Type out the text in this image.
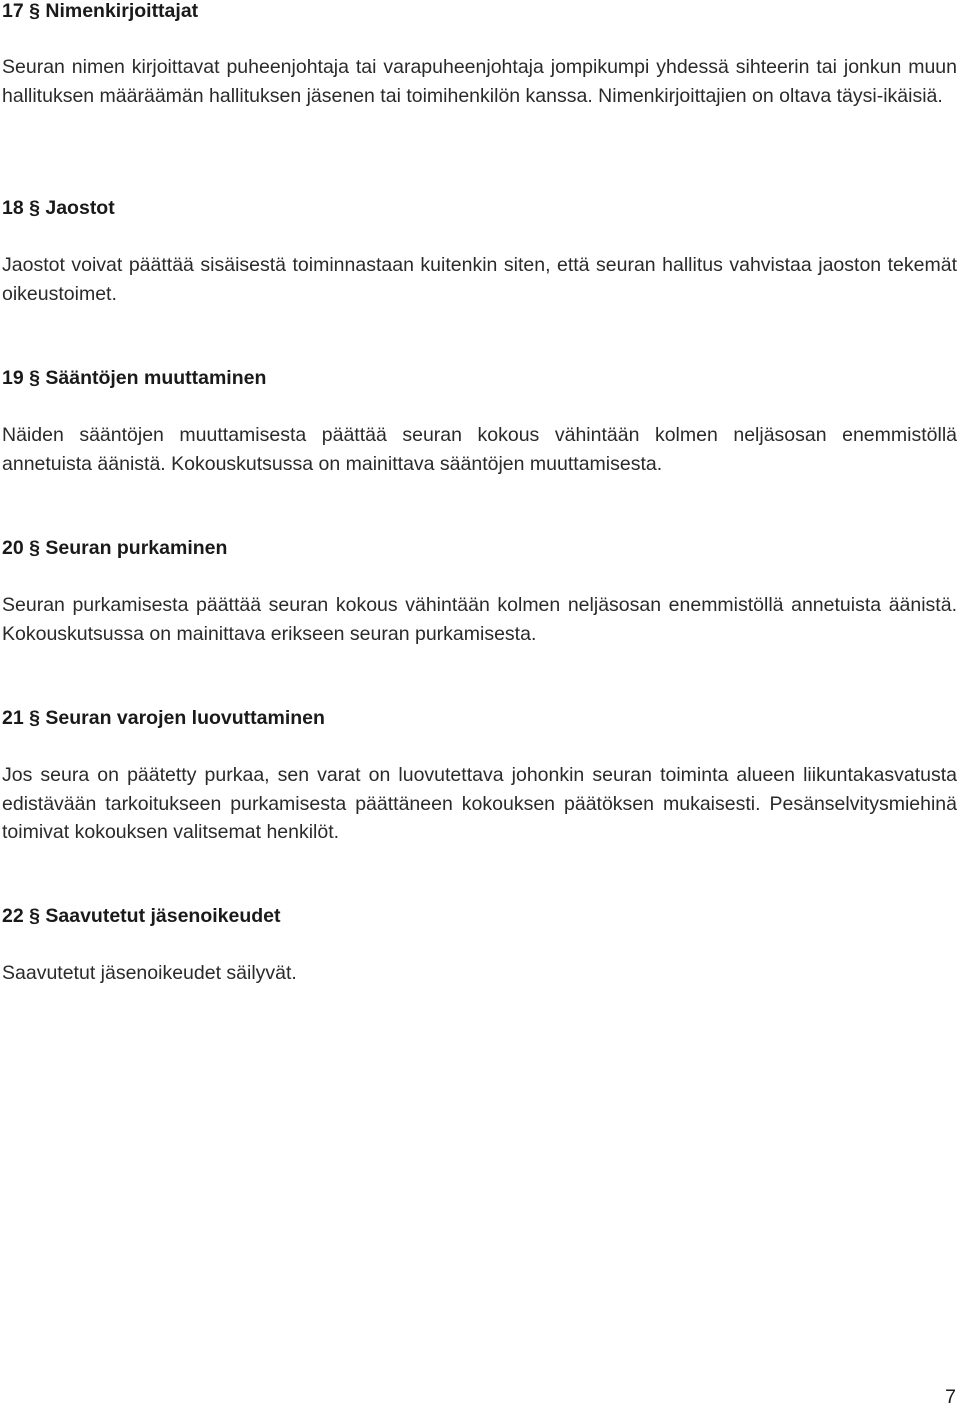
17 § Nimenkirjoittajat

Seuran nimen kirjoittavat puheenjohtaja tai varapuheenjohtaja jompikumpi yhdessä sihteerin tai jonkun muun hallituksen määräämän hallituksen jäsenen tai toimihenkilön kanssa. Nimenkirjoittajien on oltava täysi-ikäisiä.

18 § Jaostot

Jaostot voivat päättää sisäisestä toiminnastaan kuitenkin siten, että seuran hallitus vahvistaa jaoston tekemät oikeustoimet.

19 § Sääntöjen muuttaminen

Näiden sääntöjen muuttamisesta päättää seuran kokous vähintään kolmen neljäsosan enemmistöllä annetuista äänistä. Kokouskutsussa on mainittava sääntöjen muuttamisesta.

20 § Seuran purkaminen

Seuran purkamisesta päättää seuran kokous vähintään kolmen neljäsosan enemmistöllä annetuista äänistä. Kokouskutsussa on mainittava erikseen seuran purkamisesta.

21 § Seuran varojen luovuttaminen

Jos seura on päätetty purkaa, sen varat on luovutettava johonkin seuran toiminta alueen liikuntakasvatusta edistävään tarkoitukseen purkamisesta päättäneen kokouksen päätöksen mukaisesti. Pesänselvitysmiehinä toimivat kokouksen valitsemat henkilöt.

22 § Saavutetut jäsenoikeudet

Saavutetut jäsenoikeudet säilyvät.

7
